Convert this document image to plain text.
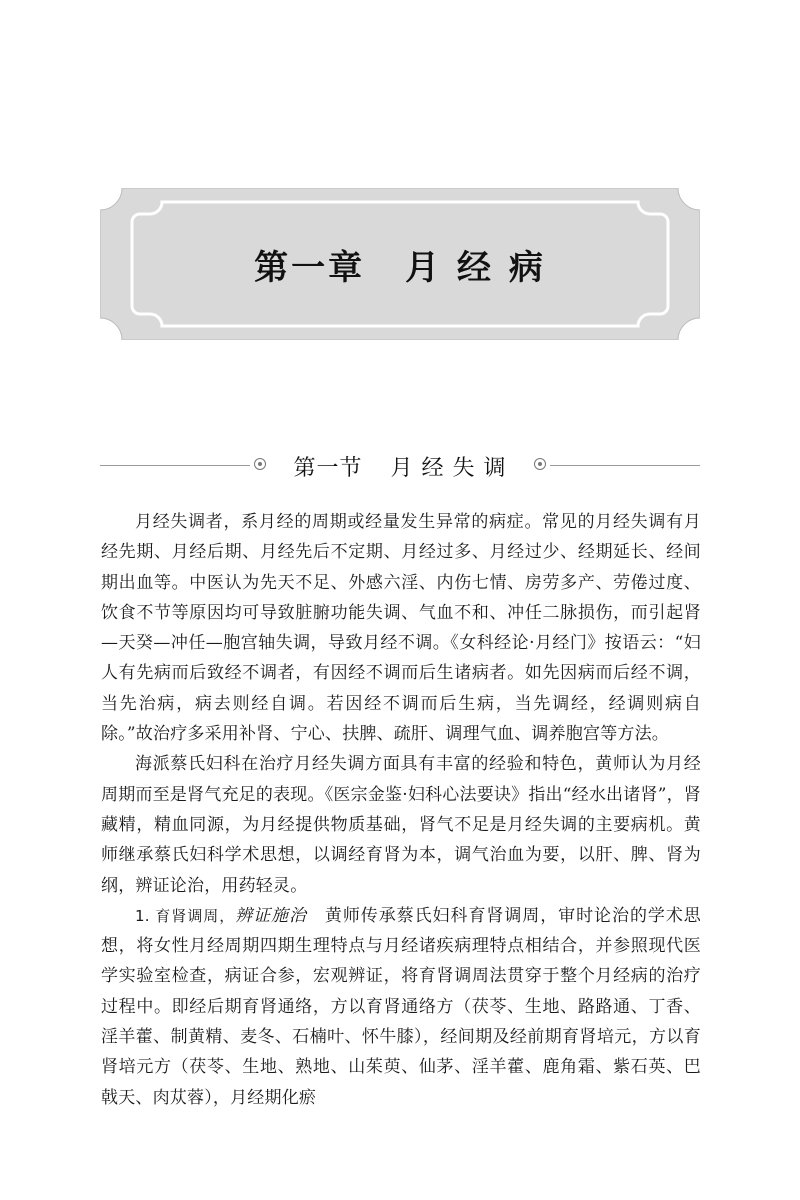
第一章 月 经 病
第一节 月 经 失 调

月经失调者，系月经的周期或经量发生异常的病症。常见的月经失调有月经先期、月经后期、月经先后不定期、月经过多、月经过少、经期延长、经间期出血等。中医认为先天不足、外感六淫、内伤七情、房劳多产、劳倦过度、饮食不节等原因均可导致脏腑功能失调、气血不和、冲任二脉损伤，而引起肾—天癸—冲任—胞宫轴失调，导致月经不调。《女科经论·月经门》按语云：“妇人有先病而后致经不调者，有因经不调而后生诸病者。如先因病而后经不调，当先治病，病去则经自调。若因经不调而后生病，当先调经，经调则病自除。”故治疗多采用补肾、宁心、扶脾、疏肝、调理气血、调养胞宫等方法。

海派蔡氏妇科在治疗月经失调方面具有丰富的经验和特色，黄师认为月经周期而至是肾气充足的表现。《医宗金鉴·妇科心法要诀》指出“经水出诸肾”，肾藏精，精血同源，为月经提供物质基础，肾气不足是月经失调的主要病机。黄师继承蔡氏妇科学术思想，以调经育肾为本，调气治血为要，以肝、脾、肾为纲，辨证论治，用药轻灵。

1. 育肾调周，辨证施治　黄师传承蔡氏妇科育肾调周，审时论治的学术思想，将女性月经周期四期生理特点与月经诸疾病理特点相结合，并参照现代医学实验室检查，病证合参，宏观辨证，将育肾调周法贯穿于整个月经病的治疗过程中。即经后期育肾通络，方以育肾通络方（茯苓、生地、路路通、丁香、淫羊藿、制黄精、麦冬、石楠叶、怀牛膝），经间期及经前期育肾培元，方以育肾培元方（茯苓、生地、熟地、山茱萸、仙茅、淫羊藿、鹿角霜、紫石英、巴戟天、肉苁蓉），月经期化瘀
